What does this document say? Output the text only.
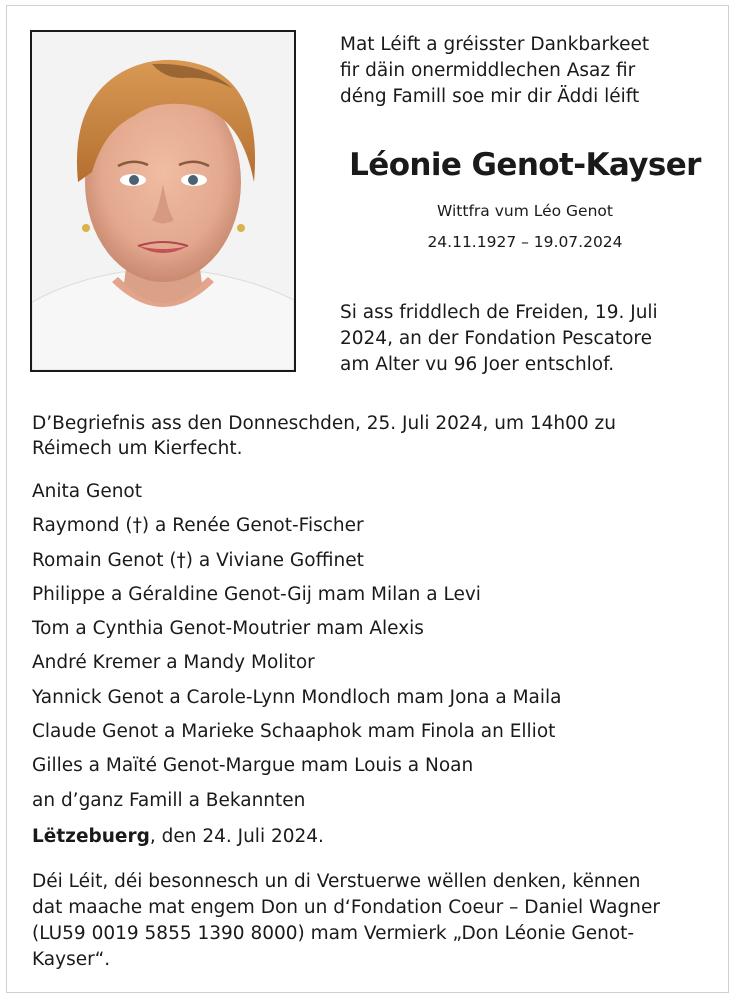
Mat Léift a gréisster Dankbarkeet
fir däin onermiddlechen Asaz fir
déng Famill soe mir dir Äddi léift
Léonie Genot-Kayser
Wittfra vum Léo Genot
24.11.1927 – 19.07.2024
Si ass friddlech de Freiden, 19. Juli
2024, an der Fondation Pescatore
am Alter vu 96 Joer entschlof.
D’Begriefnis ass den Donneschden, 25. Juli 2024, um 14h00 zu
Réimech um Kierfecht.
Anita Genot
Raymond (†) a Renée Genot-Fischer
Romain Genot (†) a Viviane Goffinet
Philippe a Géraldine Genot-Gij mam Milan a Levi
Tom a Cynthia Genot-Moutrier mam Alexis
André Kremer a Mandy Molitor
Yannick Genot a Carole-Lynn Mondloch mam Jona a Maila
Claude Genot a Marieke Schaaphok mam Finola an Elliot
Gilles a Maïté Genot-Margue mam Louis a Noan
an d’ganz Famill a Bekannten
Lëtzebuerg, den 24. Juli 2024.
Déi Léit, déi besonnesch un di Verstuerwe wëllen denken, kënnen
dat maache mat engem Don un d‘Fondation Coeur – Daniel Wagner
(LU59 0019 5855 1390 8000) mam Vermierk „Don Léonie Genot-
Kayser“.
